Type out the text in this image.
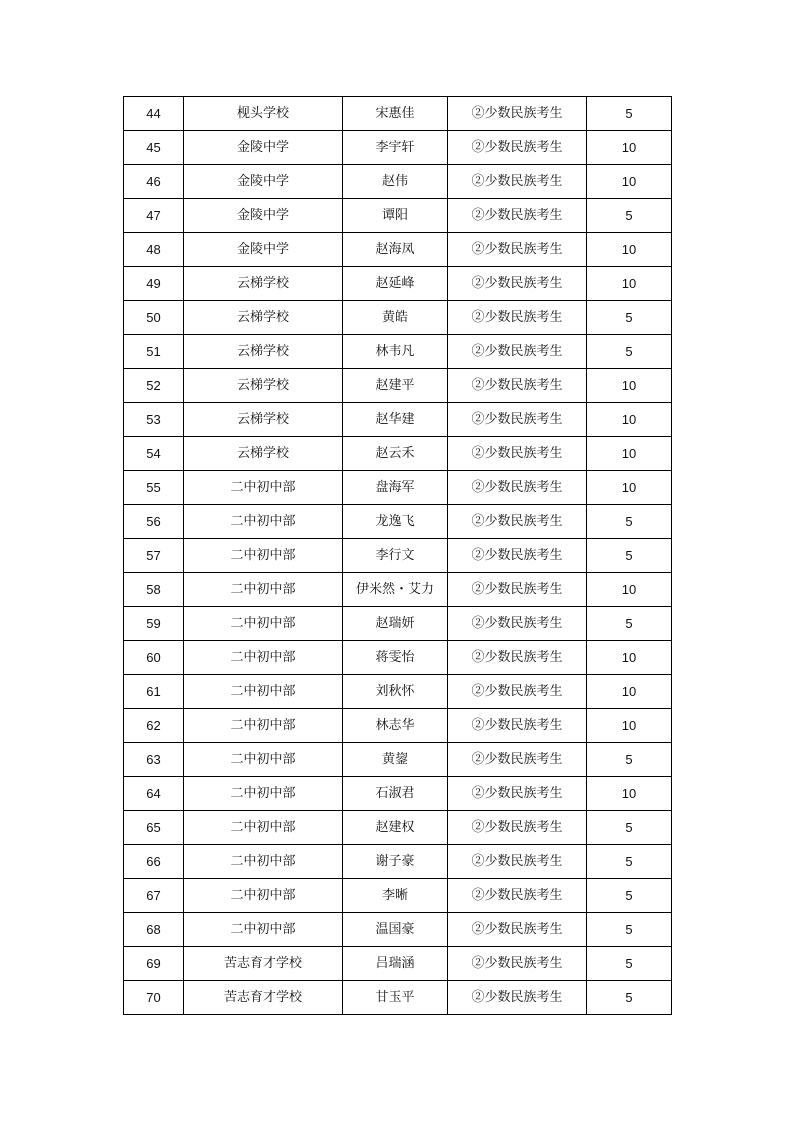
44	枧头学校	宋惠佳	②少数民族考生	5
45	金陵中学	李宇轩	②少数民族考生	10
46	金陵中学	赵伟	②少数民族考生	10
47	金陵中学	谭阳	②少数民族考生	5
48	金陵中学	赵海凤	②少数民族考生	10
49	云梯学校	赵延峰	②少数民族考生	10
50	云梯学校	黄皓	②少数民族考生	5
51	云梯学校	林韦凡	②少数民族考生	5
52	云梯学校	赵建平	②少数民族考生	10
53	云梯学校	赵华建	②少数民族考生	10
54	云梯学校	赵云禾	②少数民族考生	10
55	二中初中部	盘海军	②少数民族考生	10
56	二中初中部	龙逸飞	②少数民族考生	5
57	二中初中部	李行文	②少数民族考生	5
58	二中初中部	伊米然・艾力	②少数民族考生	10
59	二中初中部	赵瑞妍	②少数民族考生	5
60	二中初中部	蒋雯怡	②少数民族考生	10
61	二中初中部	刘秋怀	②少数民族考生	10
62	二中初中部	林志华	②少数民族考生	10
63	二中初中部	黄鋆	②少数民族考生	5
64	二中初中部	石淑君	②少数民族考生	10
65	二中初中部	赵建权	②少数民族考生	5
66	二中初中部	谢子豪	②少数民族考生	5
67	二中初中部	李晰	②少数民族考生	5
68	二中初中部	温国豪	②少数民族考生	5
69	苦志育才学校	吕瑞涵	②少数民族考生	5
70	苦志育才学校	甘玉平	②少数民族考生	5
